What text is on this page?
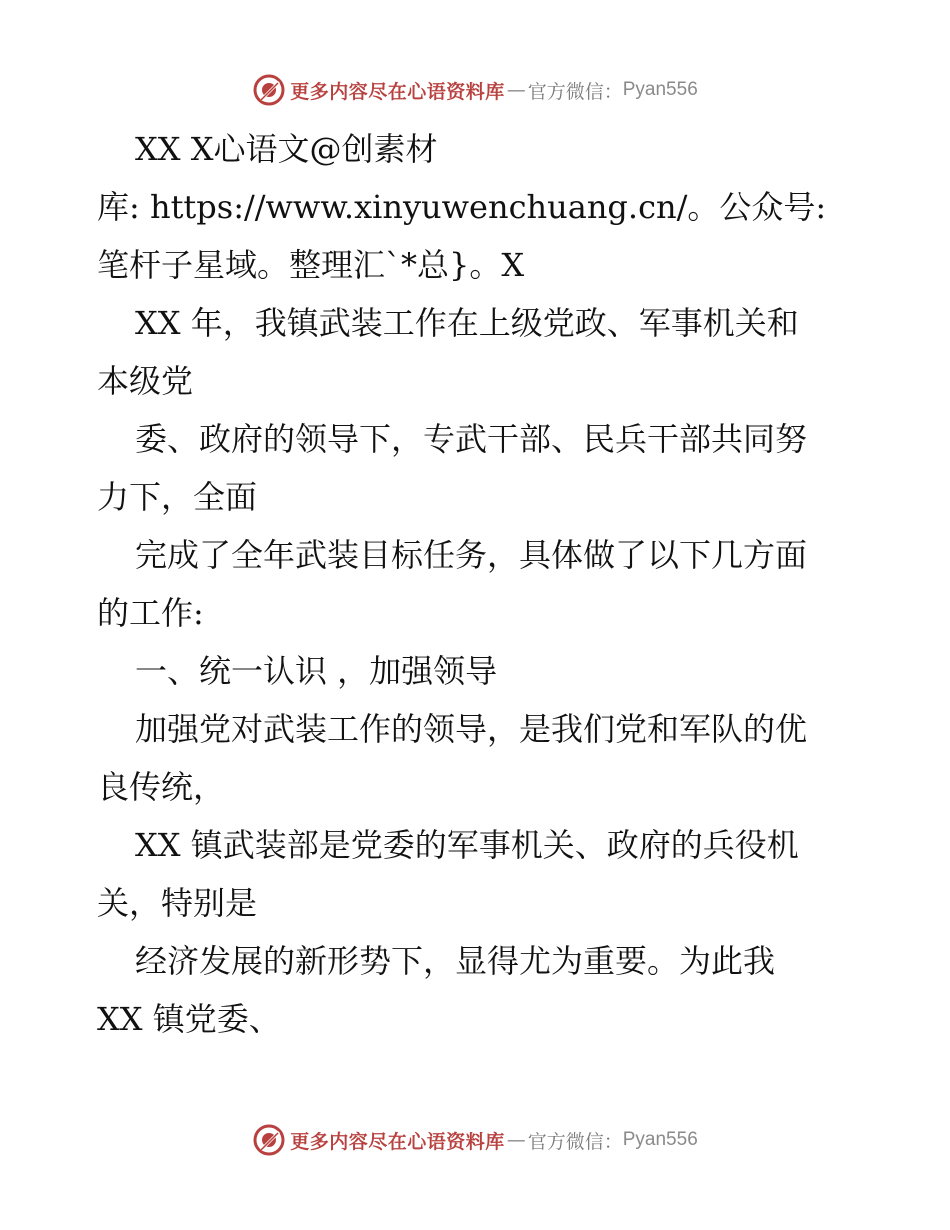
更多内容尽在心语资料库 — 官方微信： Pyan556
XX X心语文@创素材
库: https://www.xinyuwenchuang.cn/。公众号:
笔杆子星域。整理汇`*总}。X
XX 年，我镇武装工作在上级党政、军事机关和
本级党
委、政府的领导下，专武干部、民兵干部共同努
力下，全面
完成了全年武装目标任务，具体做了以下几方面
的工作:
一、统一认识 ，加强领导
加强党对武装工作的领导，是我们党和军队的优
良传统，
XX 镇武装部是党委的军事机关、政府的兵役机
关，特别是
经济发展的新形势下，显得尤为重要。为此我
XX 镇党委、
更多内容尽在心语资料库 — 官方微信： Pyan556
